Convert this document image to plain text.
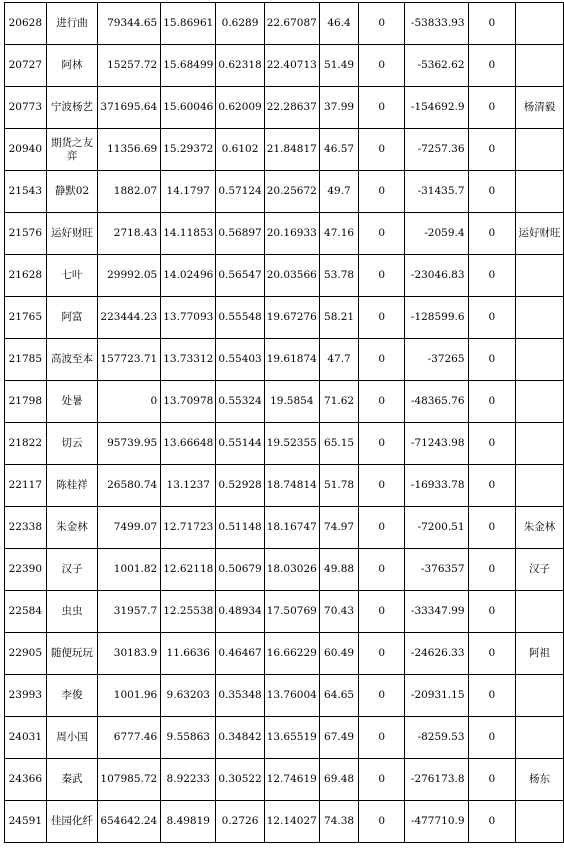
20628	进行曲	79344.65	15.86961	0.6289	22.67087	46.4	0	-53833.93	0	
20727	阿林	15257.72	15.68499	0.62318	22.40713	51.49	0	-5362.62	0	
20773	宁波杨艺	371695.64	15.60046	0.62009	22.28637	37.99	0	-154692.9	0	杨清毅
20940	期货之友弈	11356.69	15.29372	0.6102	21.84817	46.57	0	-7257.36	0	
21543	静默02	1882.07	14.1797	0.57124	20.25672	49.7	0	-31435.7	0	
21576	运好财旺	2718.43	14.11853	0.56897	20.16933	47.16	0	-2059.4	0	运好财旺
21628	七叶	29992.05	14.02496	0.56547	20.03566	53.78	0	-23046.83	0	
21765	阿富	223444.23	13.77093	0.55548	19.67276	58.21	0	-128599.6	0	
21785	高波至本	157723.71	13.73312	0.55403	19.61874	47.7	0	-37265	0	
21798	处暑	0	13.70978	0.55324	19.5854	71.62	0	-48365.76	0	
21822	切云	95739.95	13.66648	0.55144	19.52355	65.15	0	-71243.98	0	
22117	陈桂祥	26580.74	13.1237	0.52928	18.74814	51.78	0	-16933.78	0	
22338	朱金林	7499.07	12.71723	0.51148	18.16747	74.97	0	-7200.51	0	朱金林
22390	汉子	1001.82	12.62118	0.50679	18.03026	49.88	0	-376357	0	汉子
22584	虫虫	31957.7	12.25538	0.48934	17.50769	70.43	0	-33347.99	0	
22905	随便玩玩	30183.9	11.6636	0.46467	16.66229	60.49	0	-24626.33	0	阿祖
23993	李俊	1001.96	9.63203	0.35348	13.76004	64.65	0	-20931.15	0	
24031	周小国	6777.46	9.55863	0.34842	13.65519	67.49	0	-8259.53	0	
24366	秦武	107985.72	8.92233	0.30522	12.74619	69.48	0	-276173.8	0	杨东
24591	佳园化纤	654642.24	8.49819	0.2726	12.14027	74.38	0	-477710.9	0	
